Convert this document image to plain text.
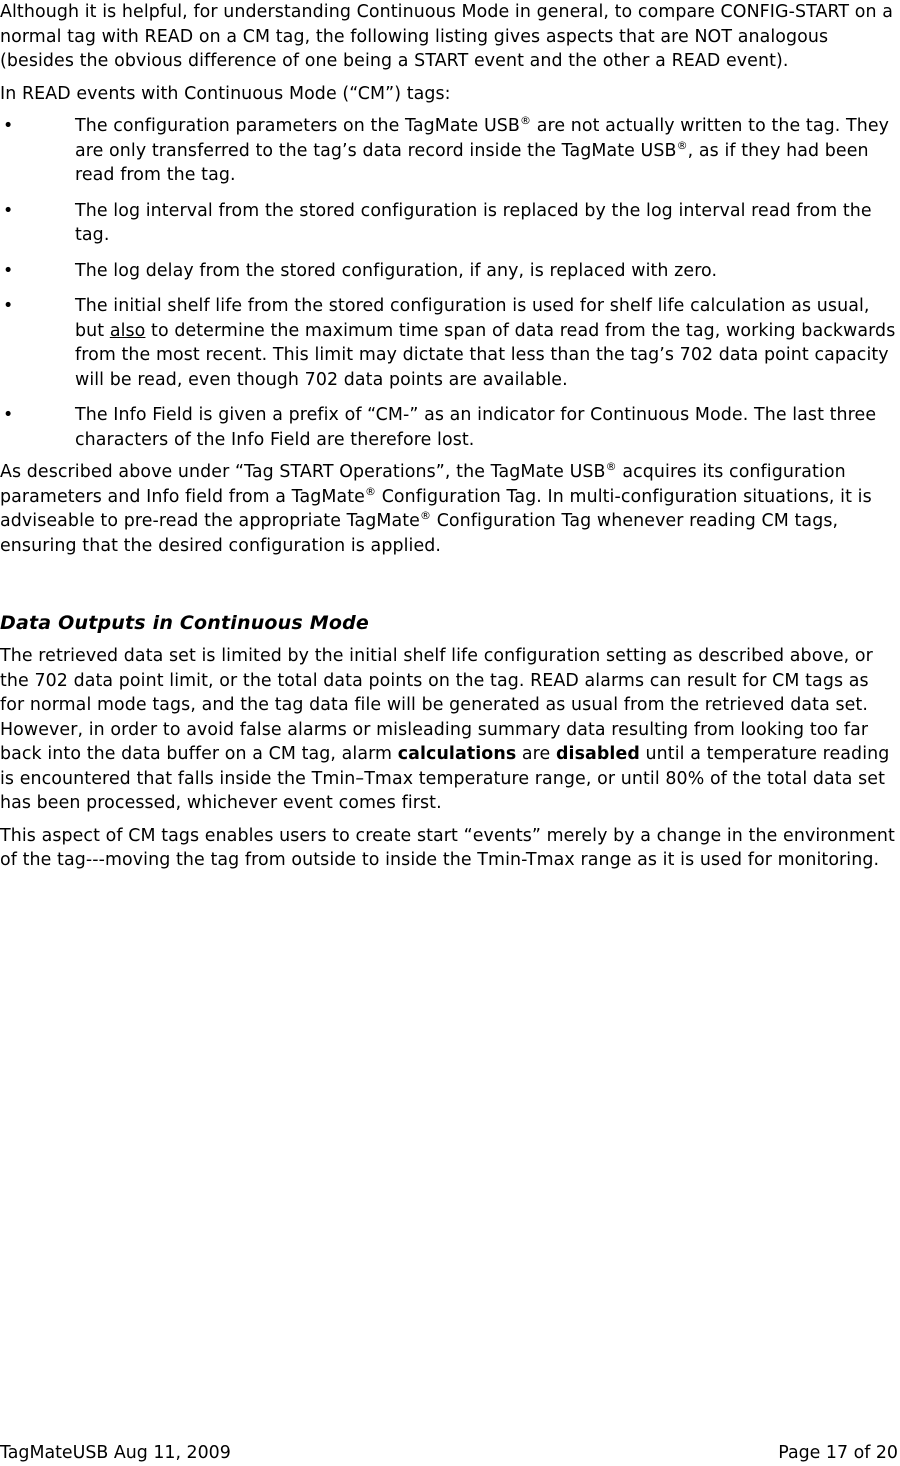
Although it is helpful, for understanding Continuous Mode in general, to compare CONFIG-START on a normal tag with READ on a CM tag, the following listing gives aspects that are NOT analogous (besides the obvious difference of one being a START event and the other a READ event).

In READ events with Continuous Mode (“CM”) tags:

•	The configuration parameters on the TagMate USB® are not actually written to the tag. They are only transferred to the tag’s data record inside the TagMate USB®, as if they had been read from the tag.
•	The log interval from the stored configuration is replaced by the log interval read from the tag.
•	The log delay from the stored configuration, if any, is replaced with zero.
•	The initial shelf life from the stored configuration is used for shelf life calculation as usual, but also to determine the maximum time span of data read from the tag, working backwards from the most recent. This limit may dictate that less than the tag’s 702 data point capacity will be read, even though 702 data points are available.
•	The Info Field is given a prefix of “CM-” as an indicator for Continuous Mode. The last three characters of the Info Field are therefore lost.

As described above under “Tag START Operations”, the TagMate USB® acquires its configuration parameters and Info field from a TagMate® Configuration Tag. In multi-configuration situations, it is adviseable to pre-read the appropriate TagMate® Configuration Tag whenever reading CM tags, ensuring that the desired configuration is applied.

Data Outputs in Continuous Mode

The retrieved data set is limited by the initial shelf life configuration setting as described above, or the 702 data point limit, or the total data points on the tag. READ alarms can result for CM tags as for normal mode tags, and the tag data file will be generated as usual from the retrieved data set. However, in order to avoid false alarms or misleading summary data resulting from looking too far back into the data buffer on a CM tag, alarm calculations are disabled until a temperature reading is encountered that falls inside the Tmin–Tmax temperature range, or until 80% of the total data set has been processed, whichever event comes first.

This aspect of CM tags enables users to create start “events” merely by a change in the environment of the tag---moving the tag from outside to inside the Tmin-Tmax range as it is used for monitoring.

TagMateUSB Aug 11, 2009	Page 17 of 20
